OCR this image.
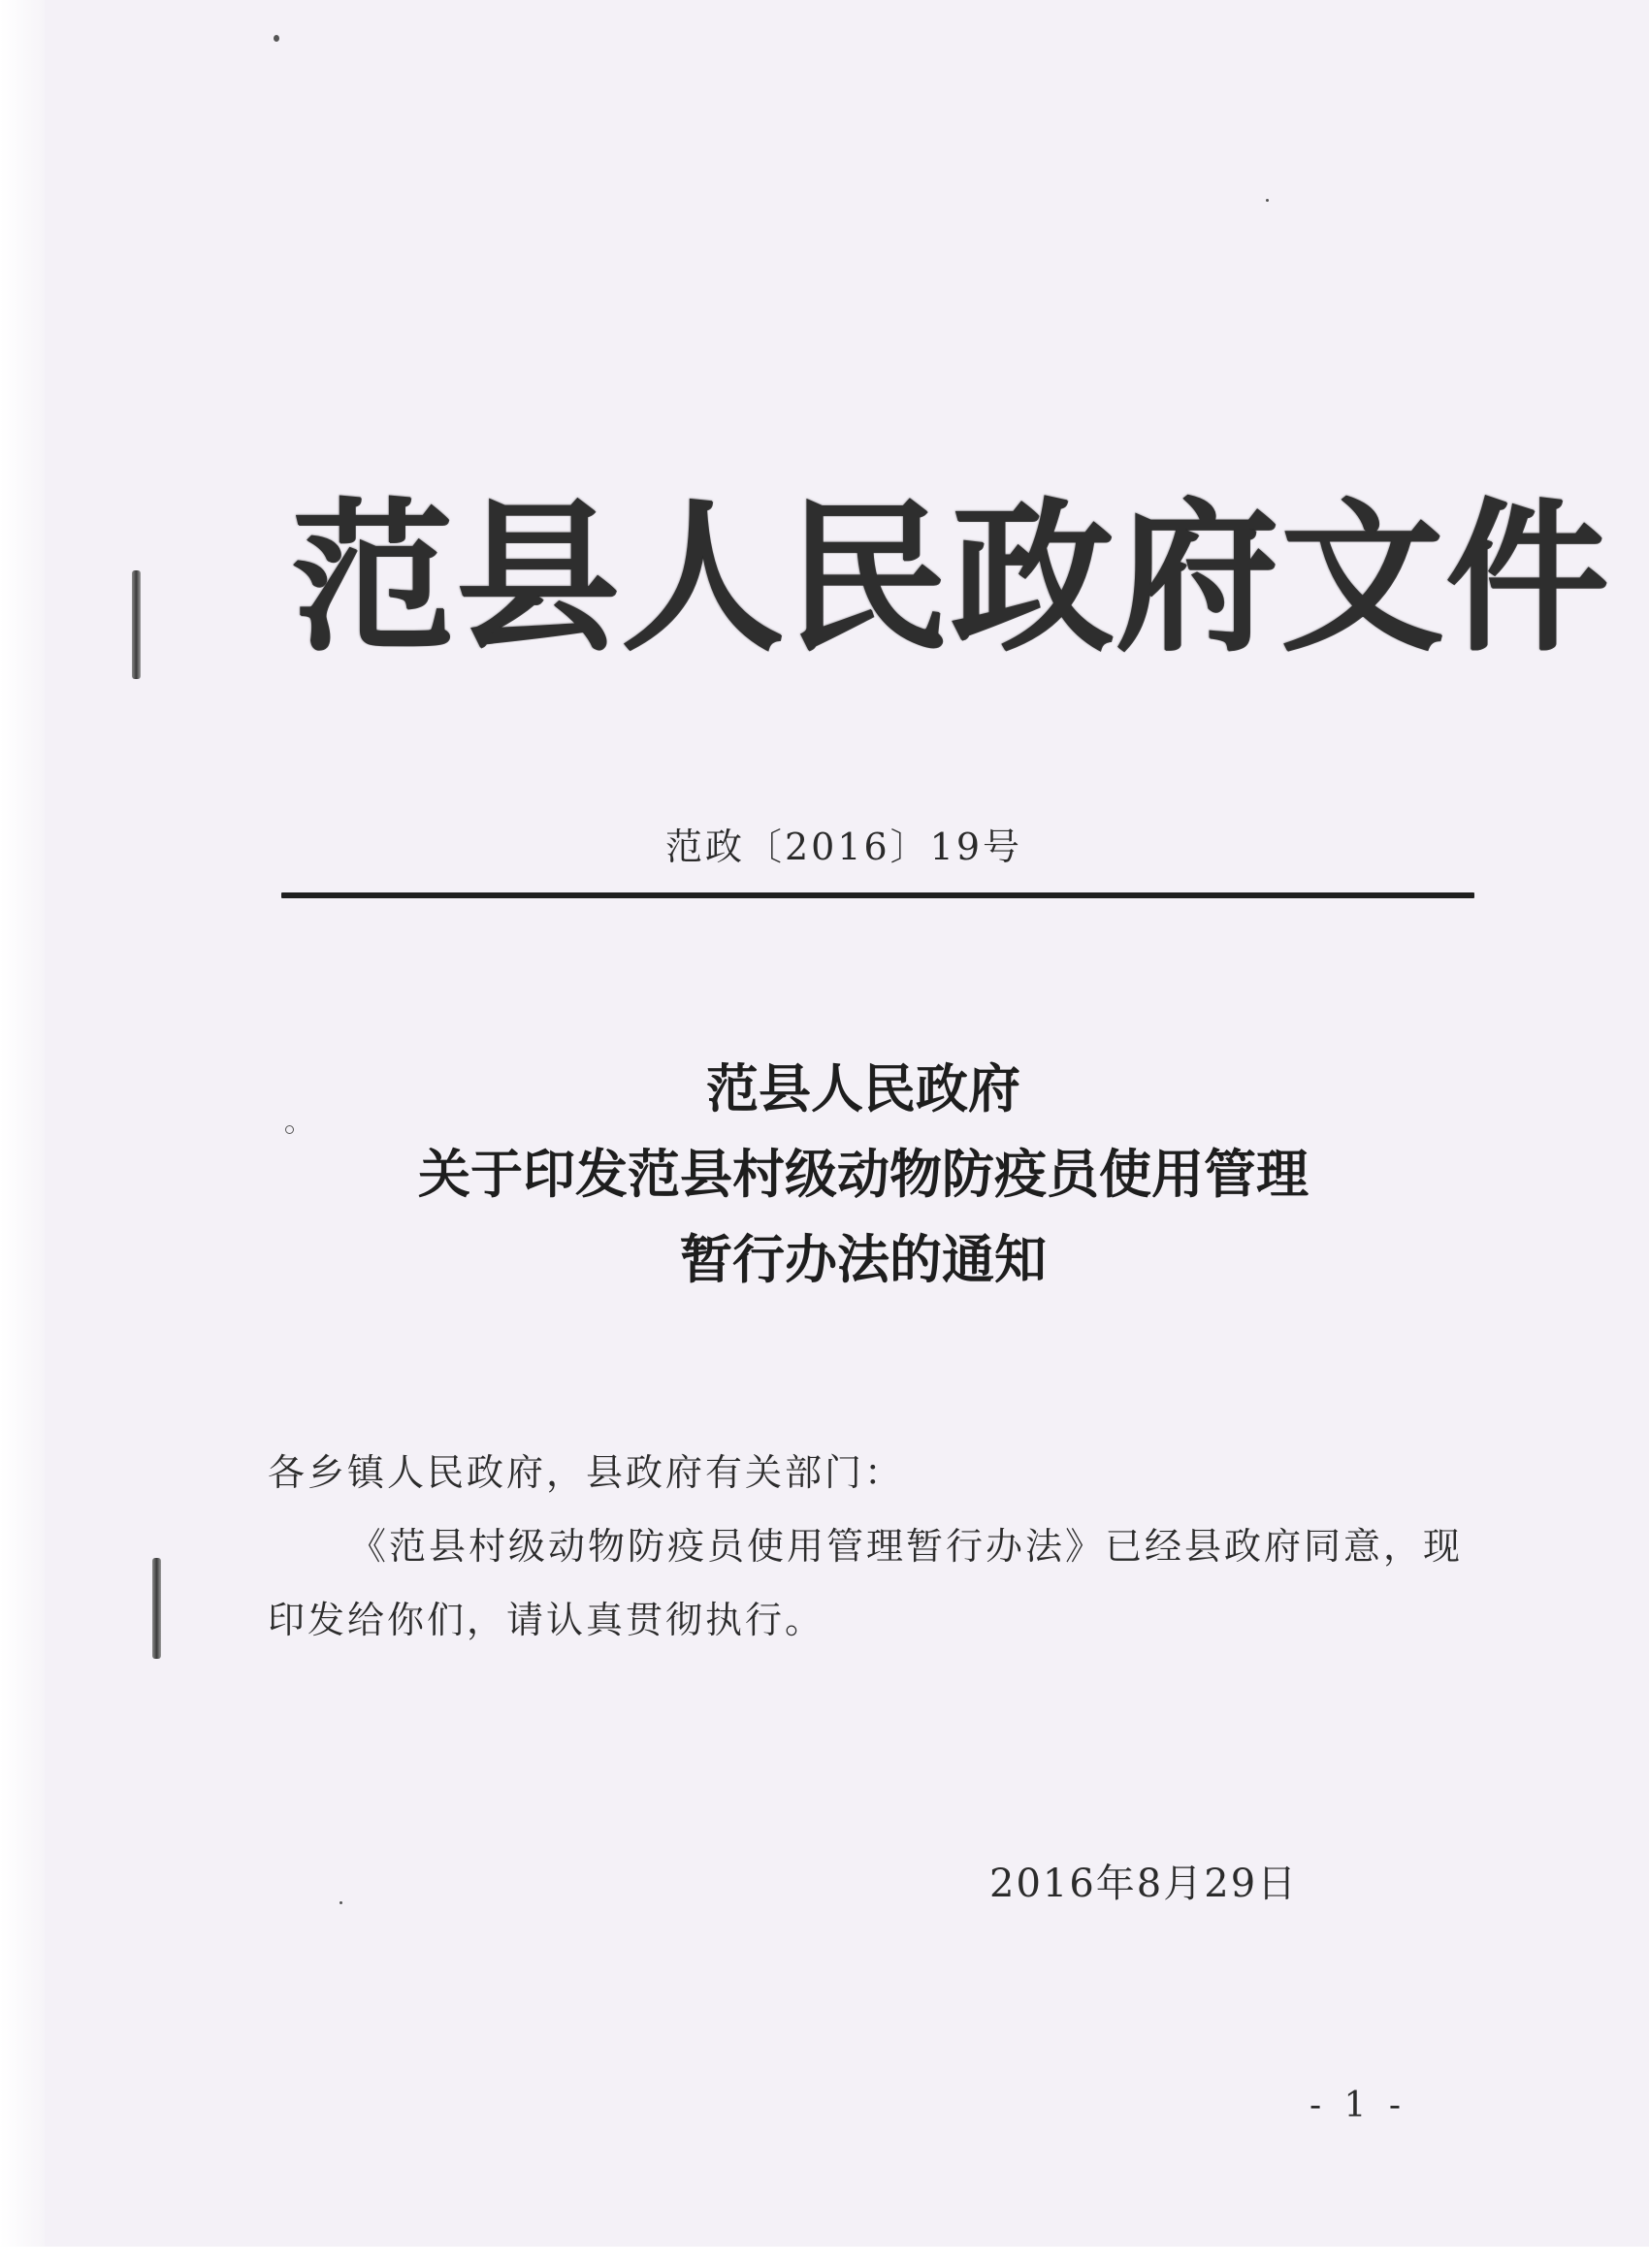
范县人民政府文件
范政〔2016〕19号
范县人民政府
关于印发范县村级动物防疫员使用管理
暂行办法的通知

各乡镇人民政府，县政府有关部门：

《范县村级动物防疫员使用管理暂行办法》已经县政府同意，现印发给你们，请认真贯彻执行。

2016年8月29日
- 1 -
